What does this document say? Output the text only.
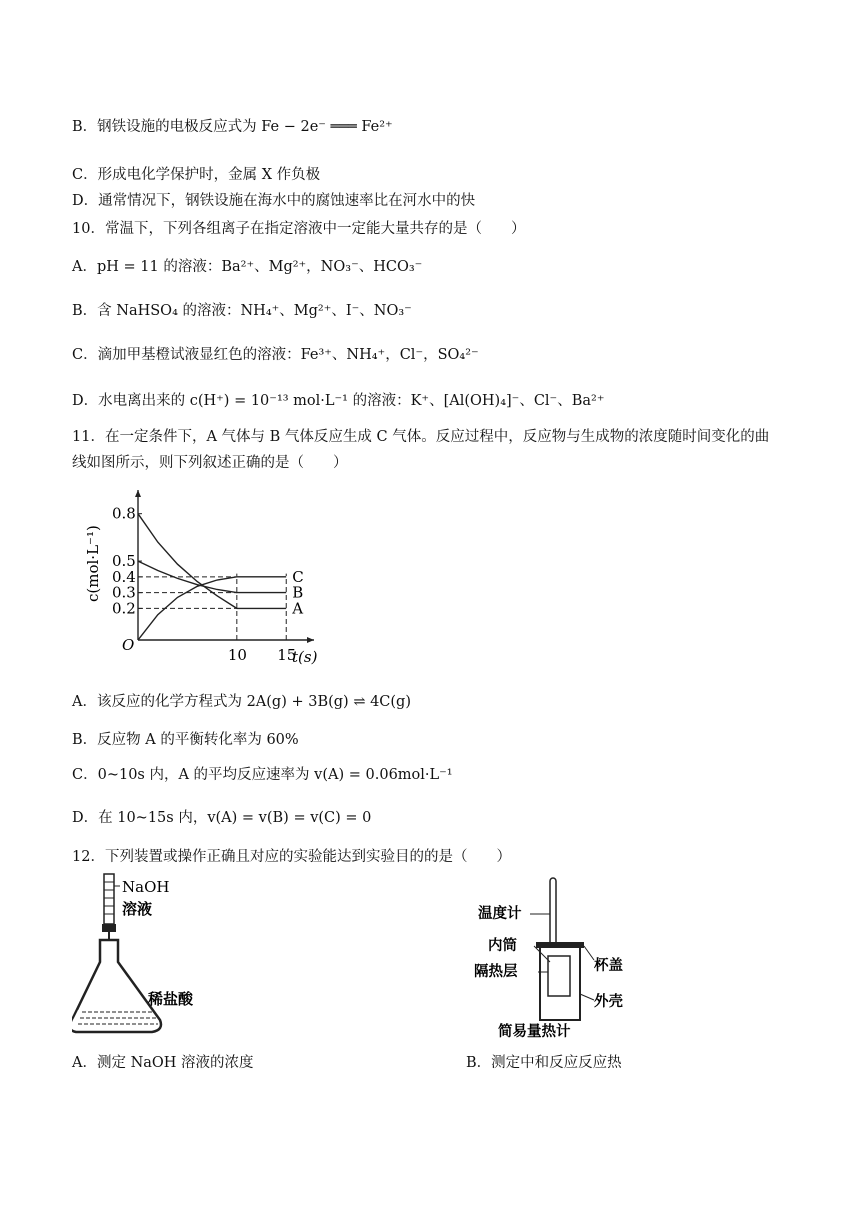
B．钢铁设施的电极反应式为 Fe − 2e⁻ ═══ Fe²⁺
C．形成电化学保护时，金属 X 作负极
D．通常情况下，钢铁设施在海水中的腐蚀速率比在河水中的快
10．常温下，下列各组离子在指定溶液中一定能大量共存的是（　　）
A．pH = 11 的溶液：Ba²⁺、Mg²⁺，NO₃⁻、HCO₃⁻
B．含 NaHSO₄ 的溶液：NH₄⁺、Mg²⁺、I⁻、NO₃⁻
C．滴加甲基橙试液显红色的溶液：Fe³⁺、NH₄⁺，Cl⁻，SO₄²⁻
D．水电离出来的 c(H⁺) = 10⁻¹³ mol·L⁻¹ 的溶液：K⁺、[Al(OH)₄]⁻、Cl⁻、Ba²⁺
11．在一定条件下，A 气体与 B 气体反应生成 C 气体。反应过程中，反应物与生成物的浓度随时间变化的曲
线如图所示，则下列叙述正确的是（　　）
O
0.2
0.3
0.4
0.5
0.8
10 15
c(mol·L⁻¹)
t(s)
A
B
C
A．该反应的化学方程式为 2A(g) + 3B(g) ⇌ 4C(g)
B．反应物 A 的平衡转化率为 60%
C．0~10s 内，A 的平均反应速率为 v(A) = 0.06mol·L⁻¹
D．在 10~15s 内，v(A) = v(B) = v(C) = 0
12．下列装置或操作正确且对应的实验能达到实验目的的是（　　）
NaOH
溶液
稀盐酸
温度计
内筒
隔热层	杯盖
外壳
简易量热计
A．测定 NaOH 溶液的浓度	B．测定中和反应反应热
